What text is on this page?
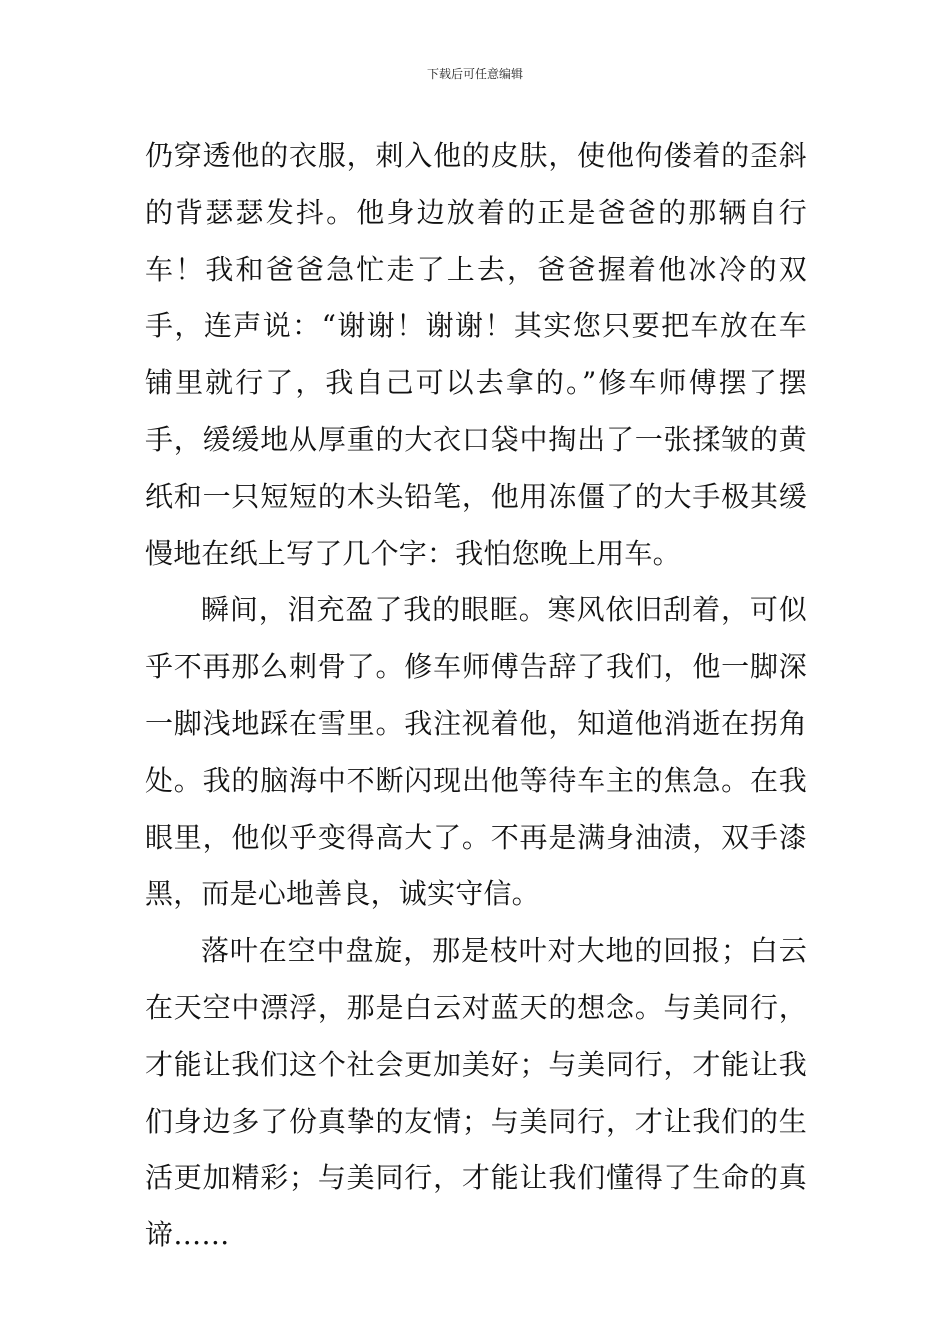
下载后可任意编辑

仍穿透他的衣服，刺入他的皮肤，使他佝偻着的歪斜的背瑟瑟发抖。他身边放着的正是爸爸的那辆自行车！我和爸爸急忙走了上去，爸爸握着他冰冷的双手，连声说：“谢谢！谢谢！其实您只要把车放在车铺里就行了，我自己可以去拿的。”修车师傅摆了摆手，缓缓地从厚重的大衣口袋中掏出了一张揉皱的黄纸和一只短短的木头铅笔，他用冻僵了的大手极其缓慢地在纸上写了几个字：我怕您晚上用车。

瞬间，泪充盈了我的眼眶。寒风依旧刮着，可似乎不再那么刺骨了。修车师傅告辞了我们，他一脚深一脚浅地踩在雪里。我注视着他，知道他消逝在拐角处。我的脑海中不断闪现出他等待车主的焦急。在我眼里，他似乎变得高大了。不再是满身油渍，双手漆黑，而是心地善良，诚实守信。

落叶在空中盘旋，那是枝叶对大地的回报；白云在天空中漂浮，那是白云对蓝天的想念。与美同行，才能让我们这个社会更加美好；与美同行，才能让我们身边多了份真挚的友情；与美同行，才让我们的生活更加精彩；与美同行，才能让我们懂得了生命的真谛……
